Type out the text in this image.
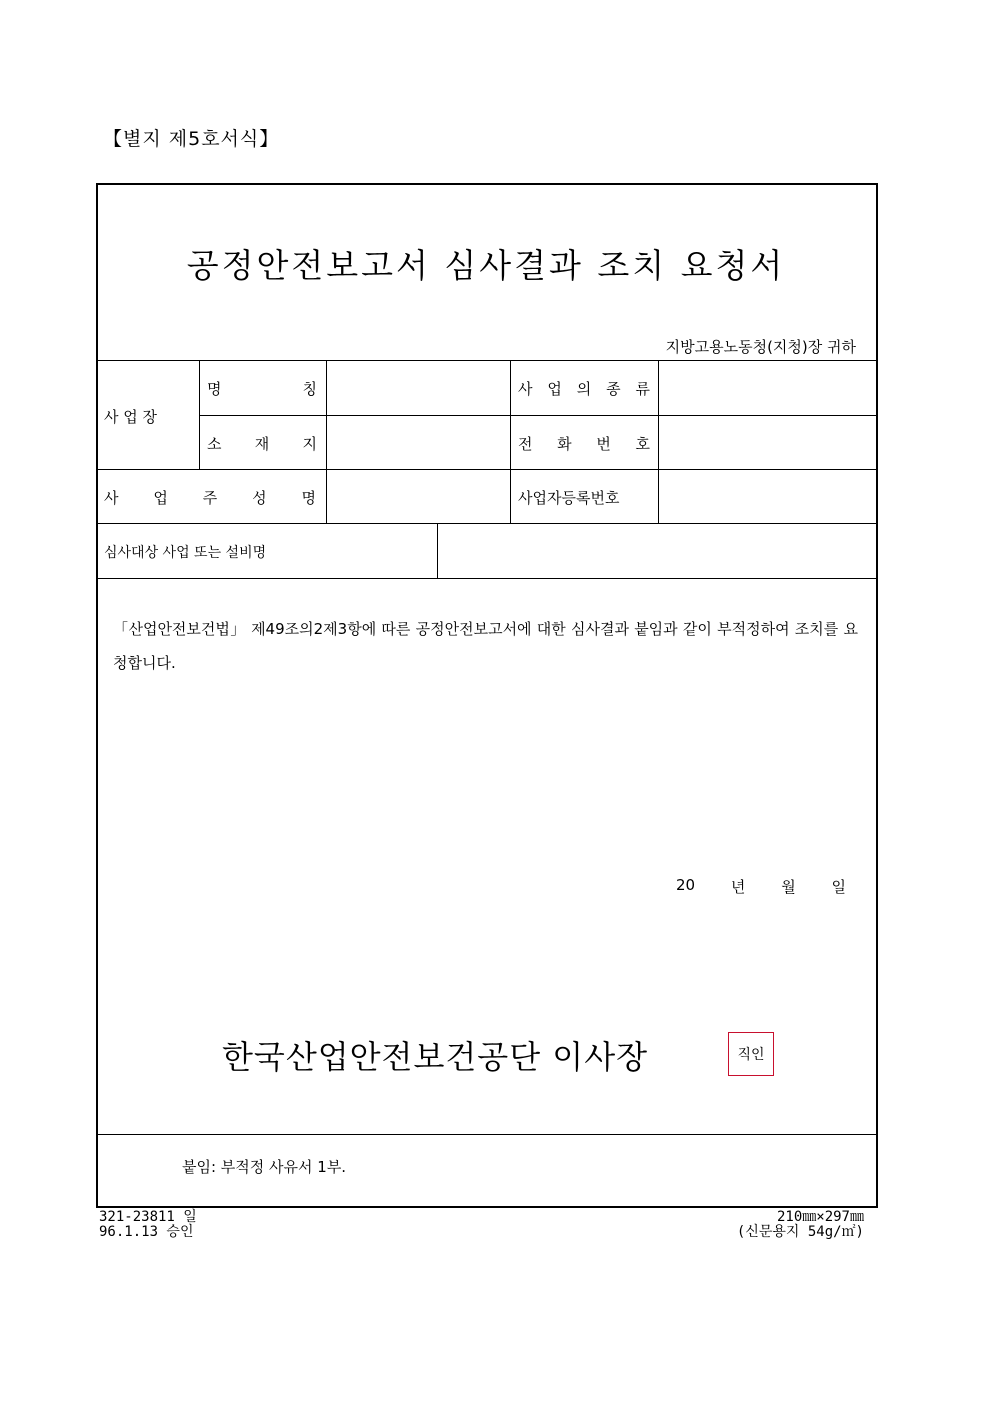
【별지 제5호서식】
공정안전보고서 심사결과 조치 요청서
지방고용노동청(지청)장 귀하
사 업 장
명 칭
소 재 지
사 업 의 종 류
전 화 번 호
사 업 주 성 명	사업자등록번호
심사대상 사업 또는 설비명
「산업안전보건법」 제49조의2제3항에 따른 공정안전보고서에 대한 심사결과 붙임과 같이 부적정하여 조치를 요청합니다.
20 년 월 일
한국산업안전보건공단 이사장	직인
붙임: 부적정 사유서 1부.
321-23811 일
96.1.13 승인
210㎜×297㎜
(신문용지 54g/㎡)
